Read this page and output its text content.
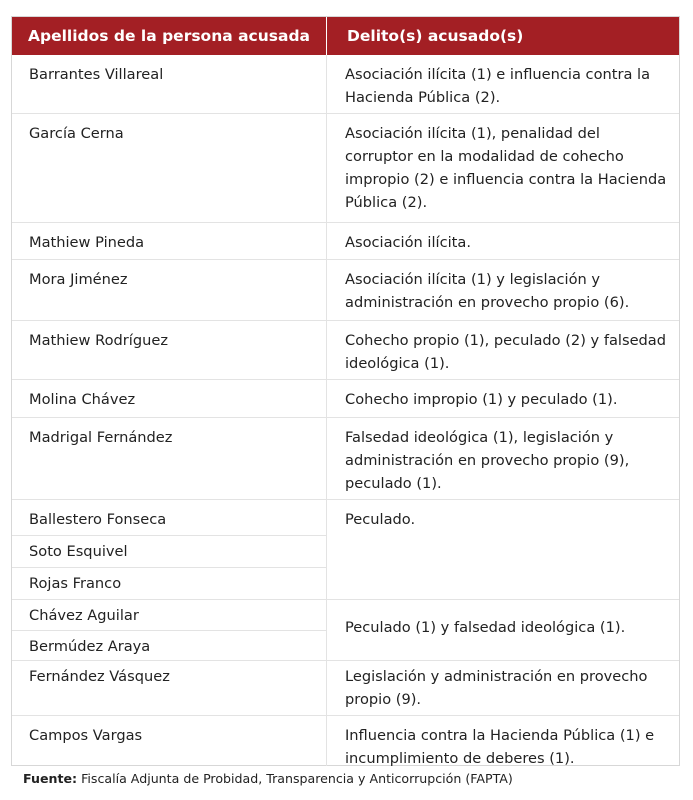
Apellidos de la persona acusada Delito(s) acusado(s)
Barrantes Villareal
García Cerna
Mathiew Pineda
Mora Jiménez
Mathiew Rodríguez
Molina Chávez
Madrigal Fernández
Ballestero Fonseca
Soto Esquivel
Rojas Franco
Chávez Aguilar
Bermúdez Araya
Fernández Vásquez
Campos Vargas
Asociación ilícita (1) e influencia contra la Hacienda Pública (2).
Asociación ilícita (1), penalidad del corruptor en la modalidad de cohecho impropio (2) e influencia contra la Hacienda Pública (2).
Asociación ilícita.
Asociación ilícita (1) y legislación y administración en provecho propio (6).
Cohecho propio (1), peculado (2) y falsedad ideológica (1).
Cohecho impropio (1) y peculado (1).
Falsedad ideológica (1), legislación y administración en provecho propio (9), peculado (1).
Peculado.
Peculado (1) y falsedad ideológica (1).
Legislación y administración en provecho propio (9).
Influencia contra la Hacienda Pública (1) e incumplimiento de deberes (1).
Fuente: Fiscalía Adjunta de Probidad, Transparencia y Anticorrupción (FAPTA)
